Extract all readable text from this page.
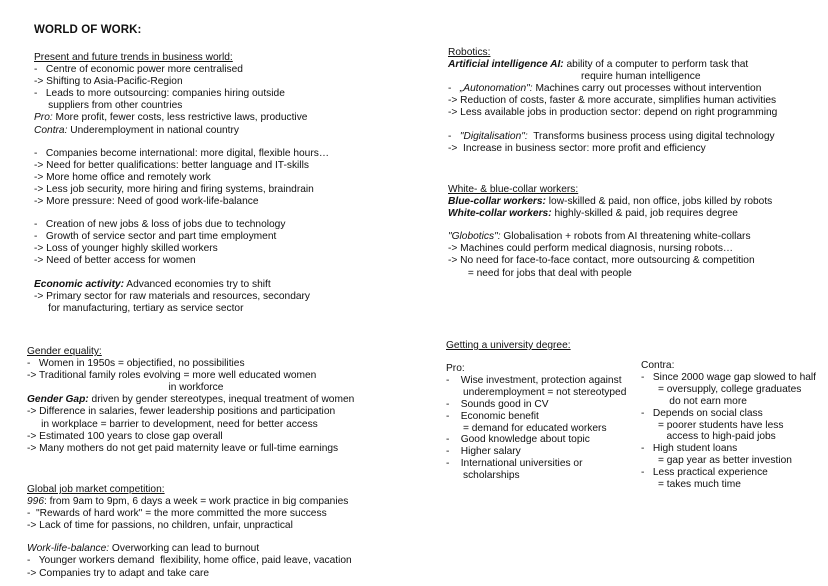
WORLD OF WORK:
Present and future trends in business world:
-   Centre of economic power more centralised
-> Shifting to Asia-Pacific-Region
-   Leads to more outsourcing: companies hiring outside
suppliers from other countries
Pro: More profit, fewer costs, less restrictive laws, productive
Contra: Underemployment in national country
-   Companies become international: more digital, flexible hours…
-> Need for better qualifications: better language and IT-skills
-> More home office and remotely work
-> Less job security, more hiring and firing systems, braindrain
-> More pressure: Need of good work-life-balance
-   Creation of new jobs & loss of jobs due to technology
-   Growth of service sector and part time employment
-> Loss of younger highly skilled workers
-> Need of better access for women
Economic activity: Advanced economies try to shift
-> Primary sector for raw materials and resources, secondary
for manufacturing, tertiary as service sector
Gender equality:
-   Women in 1950s = objectified, no possibilities
-> Traditional family roles evolving = more well educated women
in workforce
Gender Gap: driven by gender stereotypes, inequal treatment of women
-> Difference in salaries, fewer leadership positions and participation
in workplace = barrier to development, need for better access
-> Estimated 100 years to close gap overall
-> Many mothers do not get paid maternity leave or full-time earnings
Global job market competition:
996: from 9am to 9pm, 6 days a week = work practice in big companies
-  "Rewards of hard work" = the more committed the more success
-> Lack of time for passions, no children, unfair, unpractical
Work-life-balance: Overworking can lead to burnout
-   Younger workers demand  flexibility, home office, paid leave, vacation
-> Companies try to adapt and take care
Robotics:
Artificial intelligence AI: ability of a computer to perform task that
require human intelligence
-   „Autonomation": Machines carry out processes without intervention
-> Reduction of costs, faster & more accurate, simplifies human activities
-> Less available jobs in production sector: depend on right programming
-   "Digitalisation":  Transforms business process using digital technology
->  Increase in business sector: more profit and efficiency
White- & blue-collar workers:
Blue-collar workers: low-skilled & paid, non office, jobs killed by robots
White-collar workers: highly-skilled & paid, job requires degree
"Globotics": Globalisation + robots from AI threatening white-collars
-> Machines could perform medical diagnosis, nursing robots…
-> No need for face-to-face contact, more outsourcing & competition
= need for jobs that deal with people
Getting a university degree:
Pro:
-    Wise investment, protection against
underemployment = not stereotyped
-    Sounds good in CV
-    Economic benefit
= demand for educated workers
-    Good knowledge about topic
-    Higher salary
-    International universities or
scholarships
Contra:
-   Since 2000 wage gap slowed to half
= oversupply, college graduates
do not earn more
-   Depends on social class
= poorer students have less
access to high-paid jobs
-   High student loans
= gap year as better investion
-   Less practical experience
= takes much time
